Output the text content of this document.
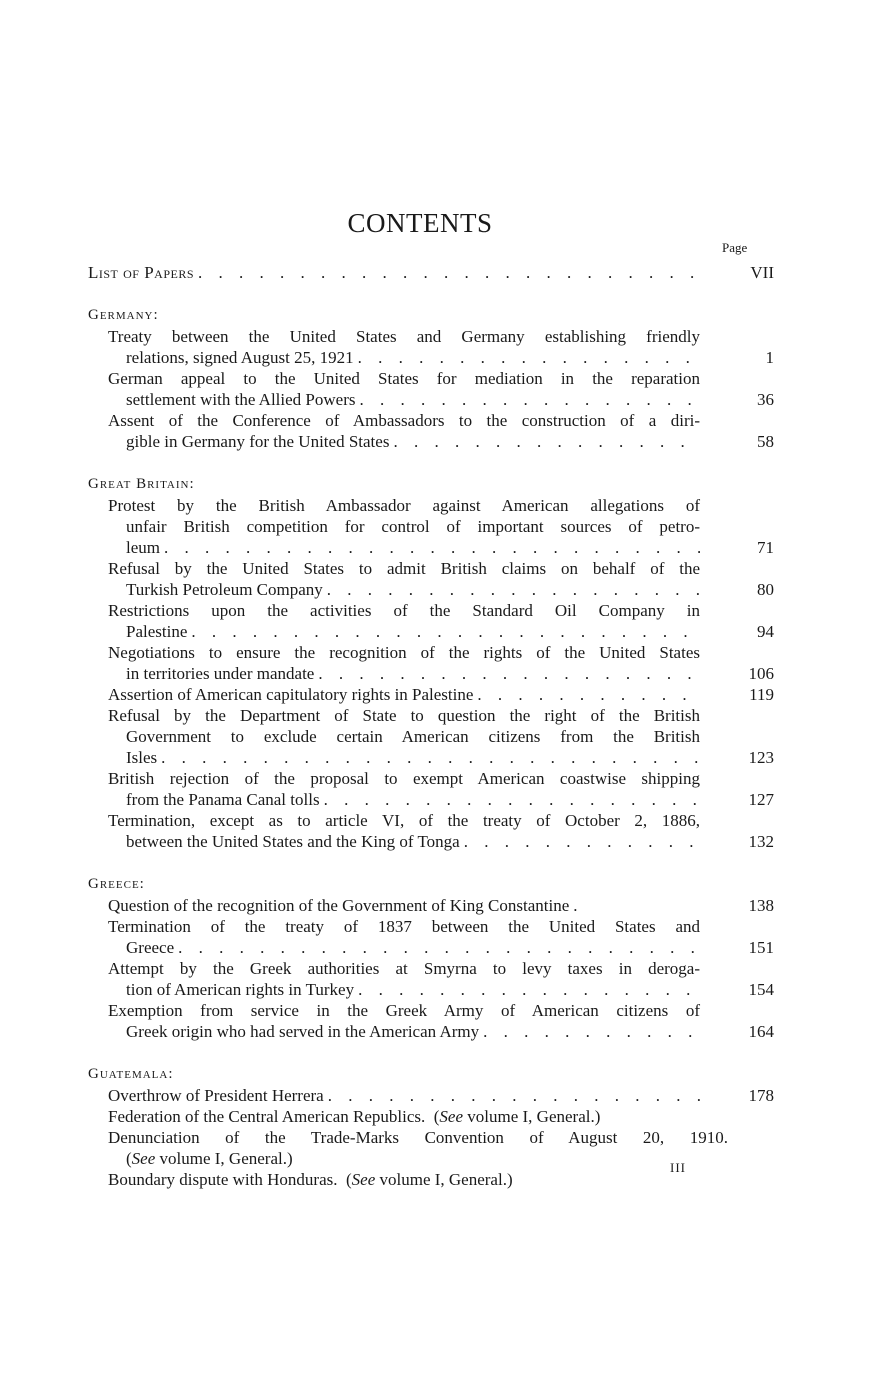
CONTENTS
Page
List of Papers . . .	VII
Germany:
Treaty between the United States and Germany establishing friendly
relations, signed August 25, 1921 . . .	1
German appeal to the United States for mediation in the reparation
settlement with the Allied Powers . . .	36
Assent of the Conference of Ambassadors to the construction of a diri-
gible in Germany for the United States . . .	58
Great Britain:
Protest by the British Ambassador against American allegations of
unfair British competition for control of important sources of petro-
leum . . .	71
Refusal by the United States to admit British claims on behalf of the
Turkish Petroleum Company . . .	80
Restrictions upon the activities of the Standard Oil Company in
Palestine . . .	94
Negotiations to ensure the recognition of the rights of the United States
in territories under mandate . . .	106
Assertion of American capitulatory rights in Palestine . . .	119
Refusal by the Department of State to question the right of the British
Government to exclude certain American citizens from the British
Isles . . .	123
British rejection of the proposal to exempt American coastwise shipping
from the Panama Canal tolls . . .	127
Termination, except as to article VI, of the treaty of October 2, 1886,
between the United States and the King of Tonga . . .	132
Greece:
Question of the recognition of the Government of King Constantine . . .	138
Termination of the treaty of 1837 between the United States and
Greece . . .	151
Attempt by the Greek authorities at Smyrna to levy taxes in deroga-
tion of American rights in Turkey . . .	154
Exemption from service in the Greek Army of American citizens of
Greek origin who had served in the American Army . . .	164
Guatemala:
Overthrow of President Herrera . . .	178
Federation of the Central American Republics. (See volume I, General.)
Denunciation of the Trade-Marks Convention of August 20, 1910.
(See volume I, General.)
Boundary dispute with Honduras. (See volume I, General.)
III
